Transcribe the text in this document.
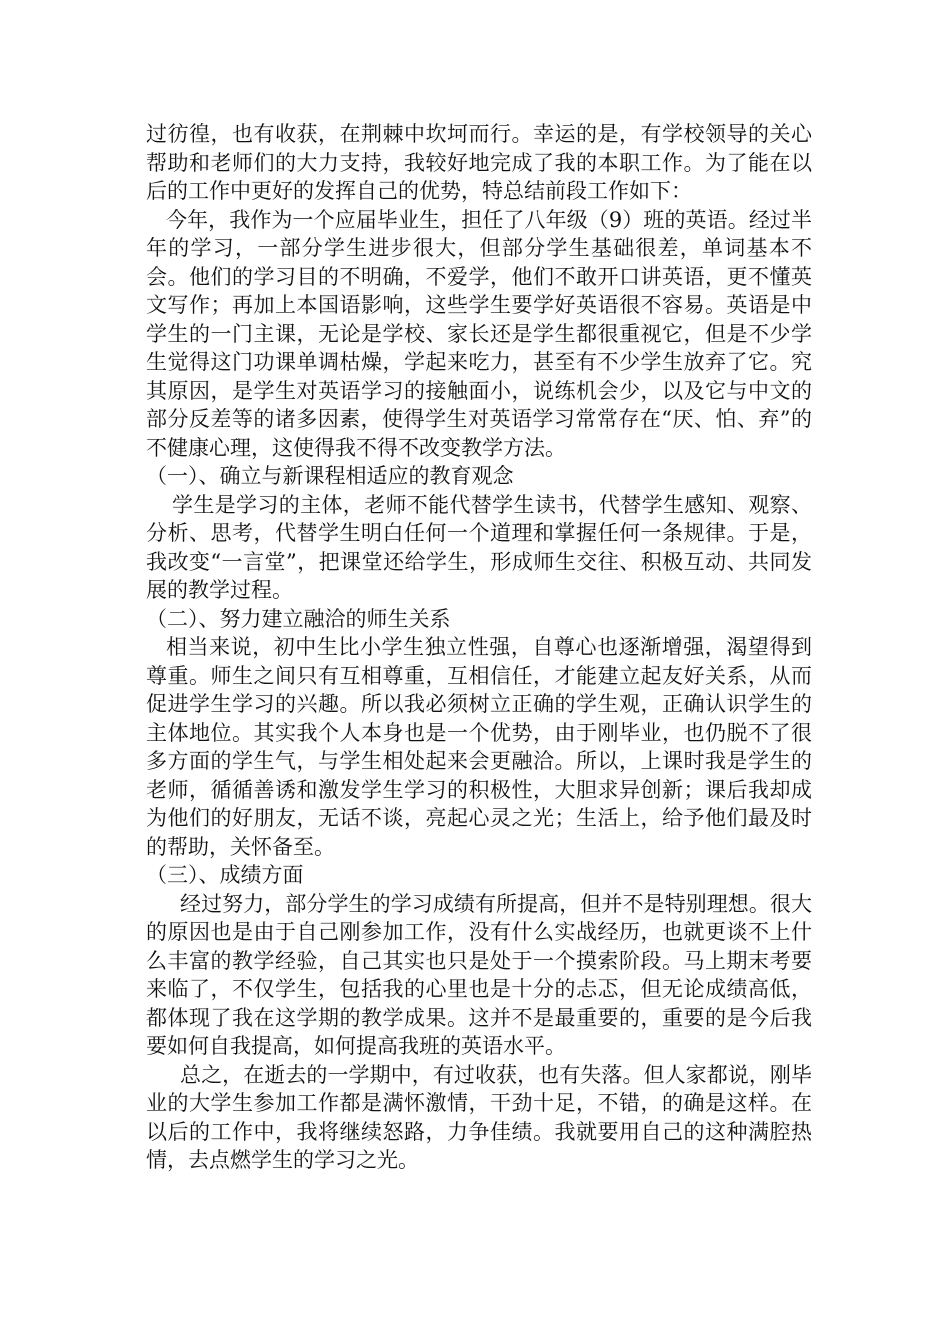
过彷徨，也有收获，在荆棘中坎坷而行。幸运的是，有学校领导的关心帮助和老师们的大力支持，我较好地完成了我的本职工作。为了能在以后的工作中更好的发挥自己的优势，特总结前段工作如下：

今年，我作为一个应届毕业生，担任了八年级（9）班的英语。经过半年的学习，一部分学生进步很大，但部分学生基础很差，单词基本不会。他们的学习目的不明确，不爱学，他们不敢开口讲英语，更不懂英文写作；再加上本国语影响，这些学生要学好英语很不容易。英语是中学生的一门主课，无论是学校、家长还是学生都很重视它，但是不少学生觉得这门功课单调枯燥，学起来吃力，甚至有不少学生放弃了它。究其原因，是学生对英语学习的接触面小，说练机会少，以及它与中文的部分反差等的诸多因素，使得学生对英语学习常常存在“厌、怕、弃”的不健康心理，这使得我不得不改变教学方法。

（一）、确立与新课程相适应的教育观念

学生是学习的主体，老师不能代替学生读书，代替学生感知、观察、分析、思考，代替学生明白任何一个道理和掌握任何一条规律。于是，我改变“一言堂”，把课堂还给学生，形成师生交往、积极互动、共同发展的教学过程。

（二）、努力建立融洽的师生关系

相当来说，初中生比小学生独立性强，自尊心也逐渐增强，渴望得到尊重。师生之间只有互相尊重，互相信任，才能建立起友好关系，从而促进学生学习的兴趣。所以我必须树立正确的学生观，正确认识学生的主体地位。其实我个人本身也是一个优势，由于刚毕业，也仍脱不了很多方面的学生气，与学生相处起来会更融洽。所以，上课时我是学生的老师，循循善诱和激发学生学习的积极性，大胆求异创新；课后我却成为他们的好朋友，无话不谈，亮起心灵之光；生活上，给予他们最及时的帮助，关怀备至。

（三）、成绩方面

经过努力，部分学生的学习成绩有所提高，但并不是特别理想。很大的原因也是由于自己刚参加工作，没有什么实战经历，也就更谈不上什么丰富的教学经验，自己其实也只是处于一个摸索阶段。马上期末考要来临了，不仅学生，包括我的心里也是十分的忐忑，但无论成绩高低，都体现了我在这学期的教学成果。这并不是最重要的，重要的是今后我要如何自我提高，如何提高我班的英语水平。

总之，在逝去的一学期中，有过收获，也有失落。但人家都说，刚毕业的大学生参加工作都是满怀激情，干劲十足，不错，的确是这样。在以后的工作中，我将继续怒路，力争佳绩。我就要用自己的这种满腔热情，去点燃学生的学习之光。
